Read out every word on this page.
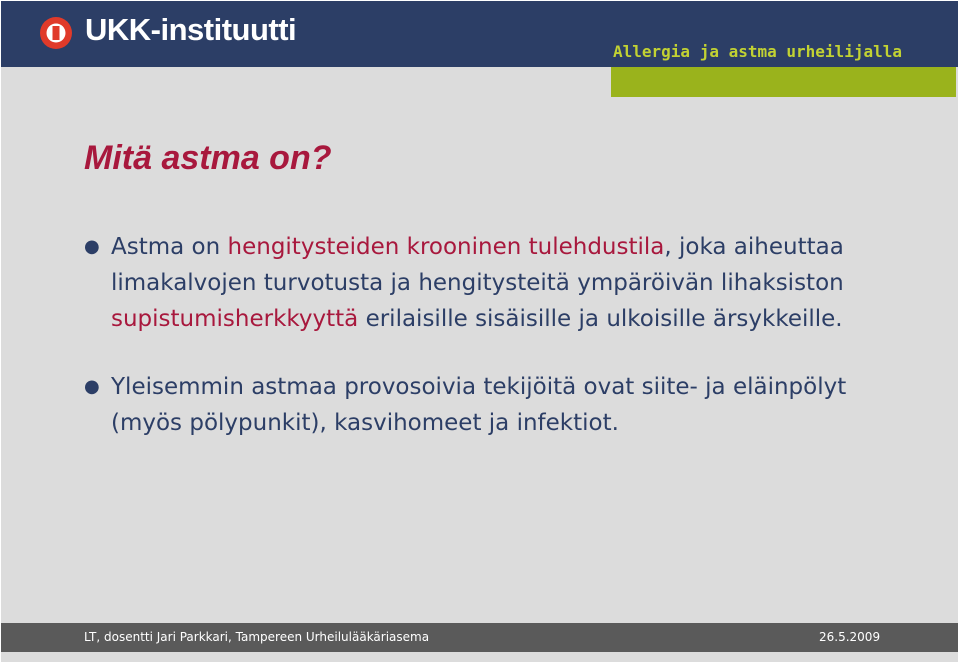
UKK-instituutti
Allergia ja astma urheilijalla
Mitä astma on?
● Astma on hengitysteiden krooninen tulehdustila, joka aiheuttaa limakalvojen turvotusta ja hengitysteitä ympäröivän lihaksiston supistumisherkkyyttä erilaisille sisäisille ja ulkoisille ärsykkeille.
● Yleisemmin astmaa provosoivia tekijöitä ovat siite- ja eläinpölyt (myös pölypunkit), kasvihomeet ja infektiot.
LT, dosentti Jari Parkkari, Tampereen Urheilulääkäriasema	26.5.2009
